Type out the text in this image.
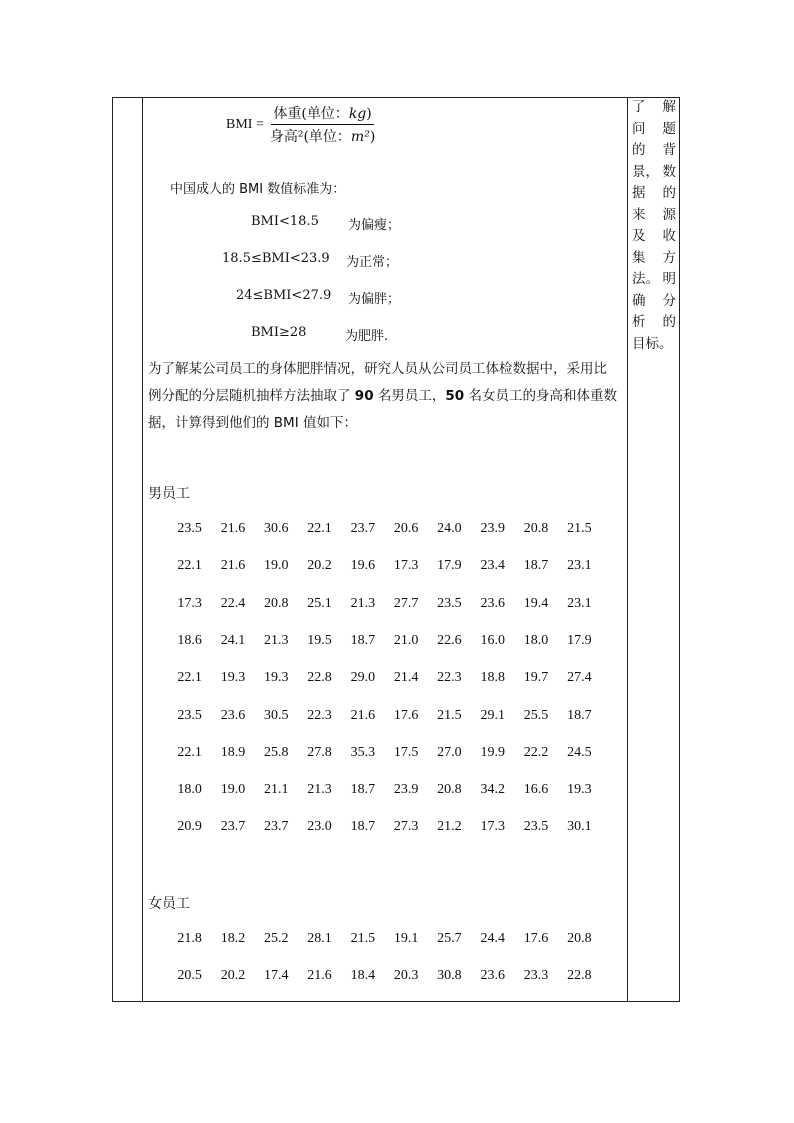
BMI = $\frac{\text{体重(单位：kg)}}{\text{身高²(单位：m²)}}$
中国成人的 BMI 数值标准为：
BMI<18.5 为偏瘦；
18.5≤BMI<23.9 为正常；
24≤BMI<27.9 为偏胖；
BMI≥28	为肥胖.
为了解某公司员工的身体肥胖情况，研究人员从公司员工体检数据中，采用比例分配的分层随机抽样方法抽取了 90 名男员工，50 名女员工的身高和体重数据，计算得到他们的 BMI 值如下：
男员工
23.5	21.6	30.6	22.1	23.7	20.6	24.0	23.9	20.8	21.5
22.1	21.6	19.0	20.2	19.6	17.3	17.9	23.4	18.7	23.1
17.3	22.4	20.8	25.1	21.3	27.7	23.5	23.6	19.4	23.1
18.6	24.1	21.3	19.5	18.7	21.0	22.6	16.0	18.0	17.9
22.1	19.3	19.3	22.8	29.0	21.4	22.3	18.8	19.7	27.4
23.5	23.6	30.5	22.3	21.6	17.6	21.5	29.1	25.5	18.7
22.1	18.9	25.8	27.8	35.3	17.5	27.0	19.9	22.2	24.5
18.0	19.0	21.1	21.3	18.7	23.9	20.8	34.2	16.6	19.3
20.9	23.7	23.7	23.0	18.7	27.3	21.2	17.3	23.5	30.1
女员工
21.8	18.2	25.2	28.1	21.5	19.1	25.7	24.4	17.6	20.8
20.5	20.2	17.4	21.6	18.4	20.3	30.8	23.6	23.3	22.8
了 解
问 题
的 背
景， 数
据 的
来 源
及 收
集 方
法。 明
确 分
析 的
目标。
